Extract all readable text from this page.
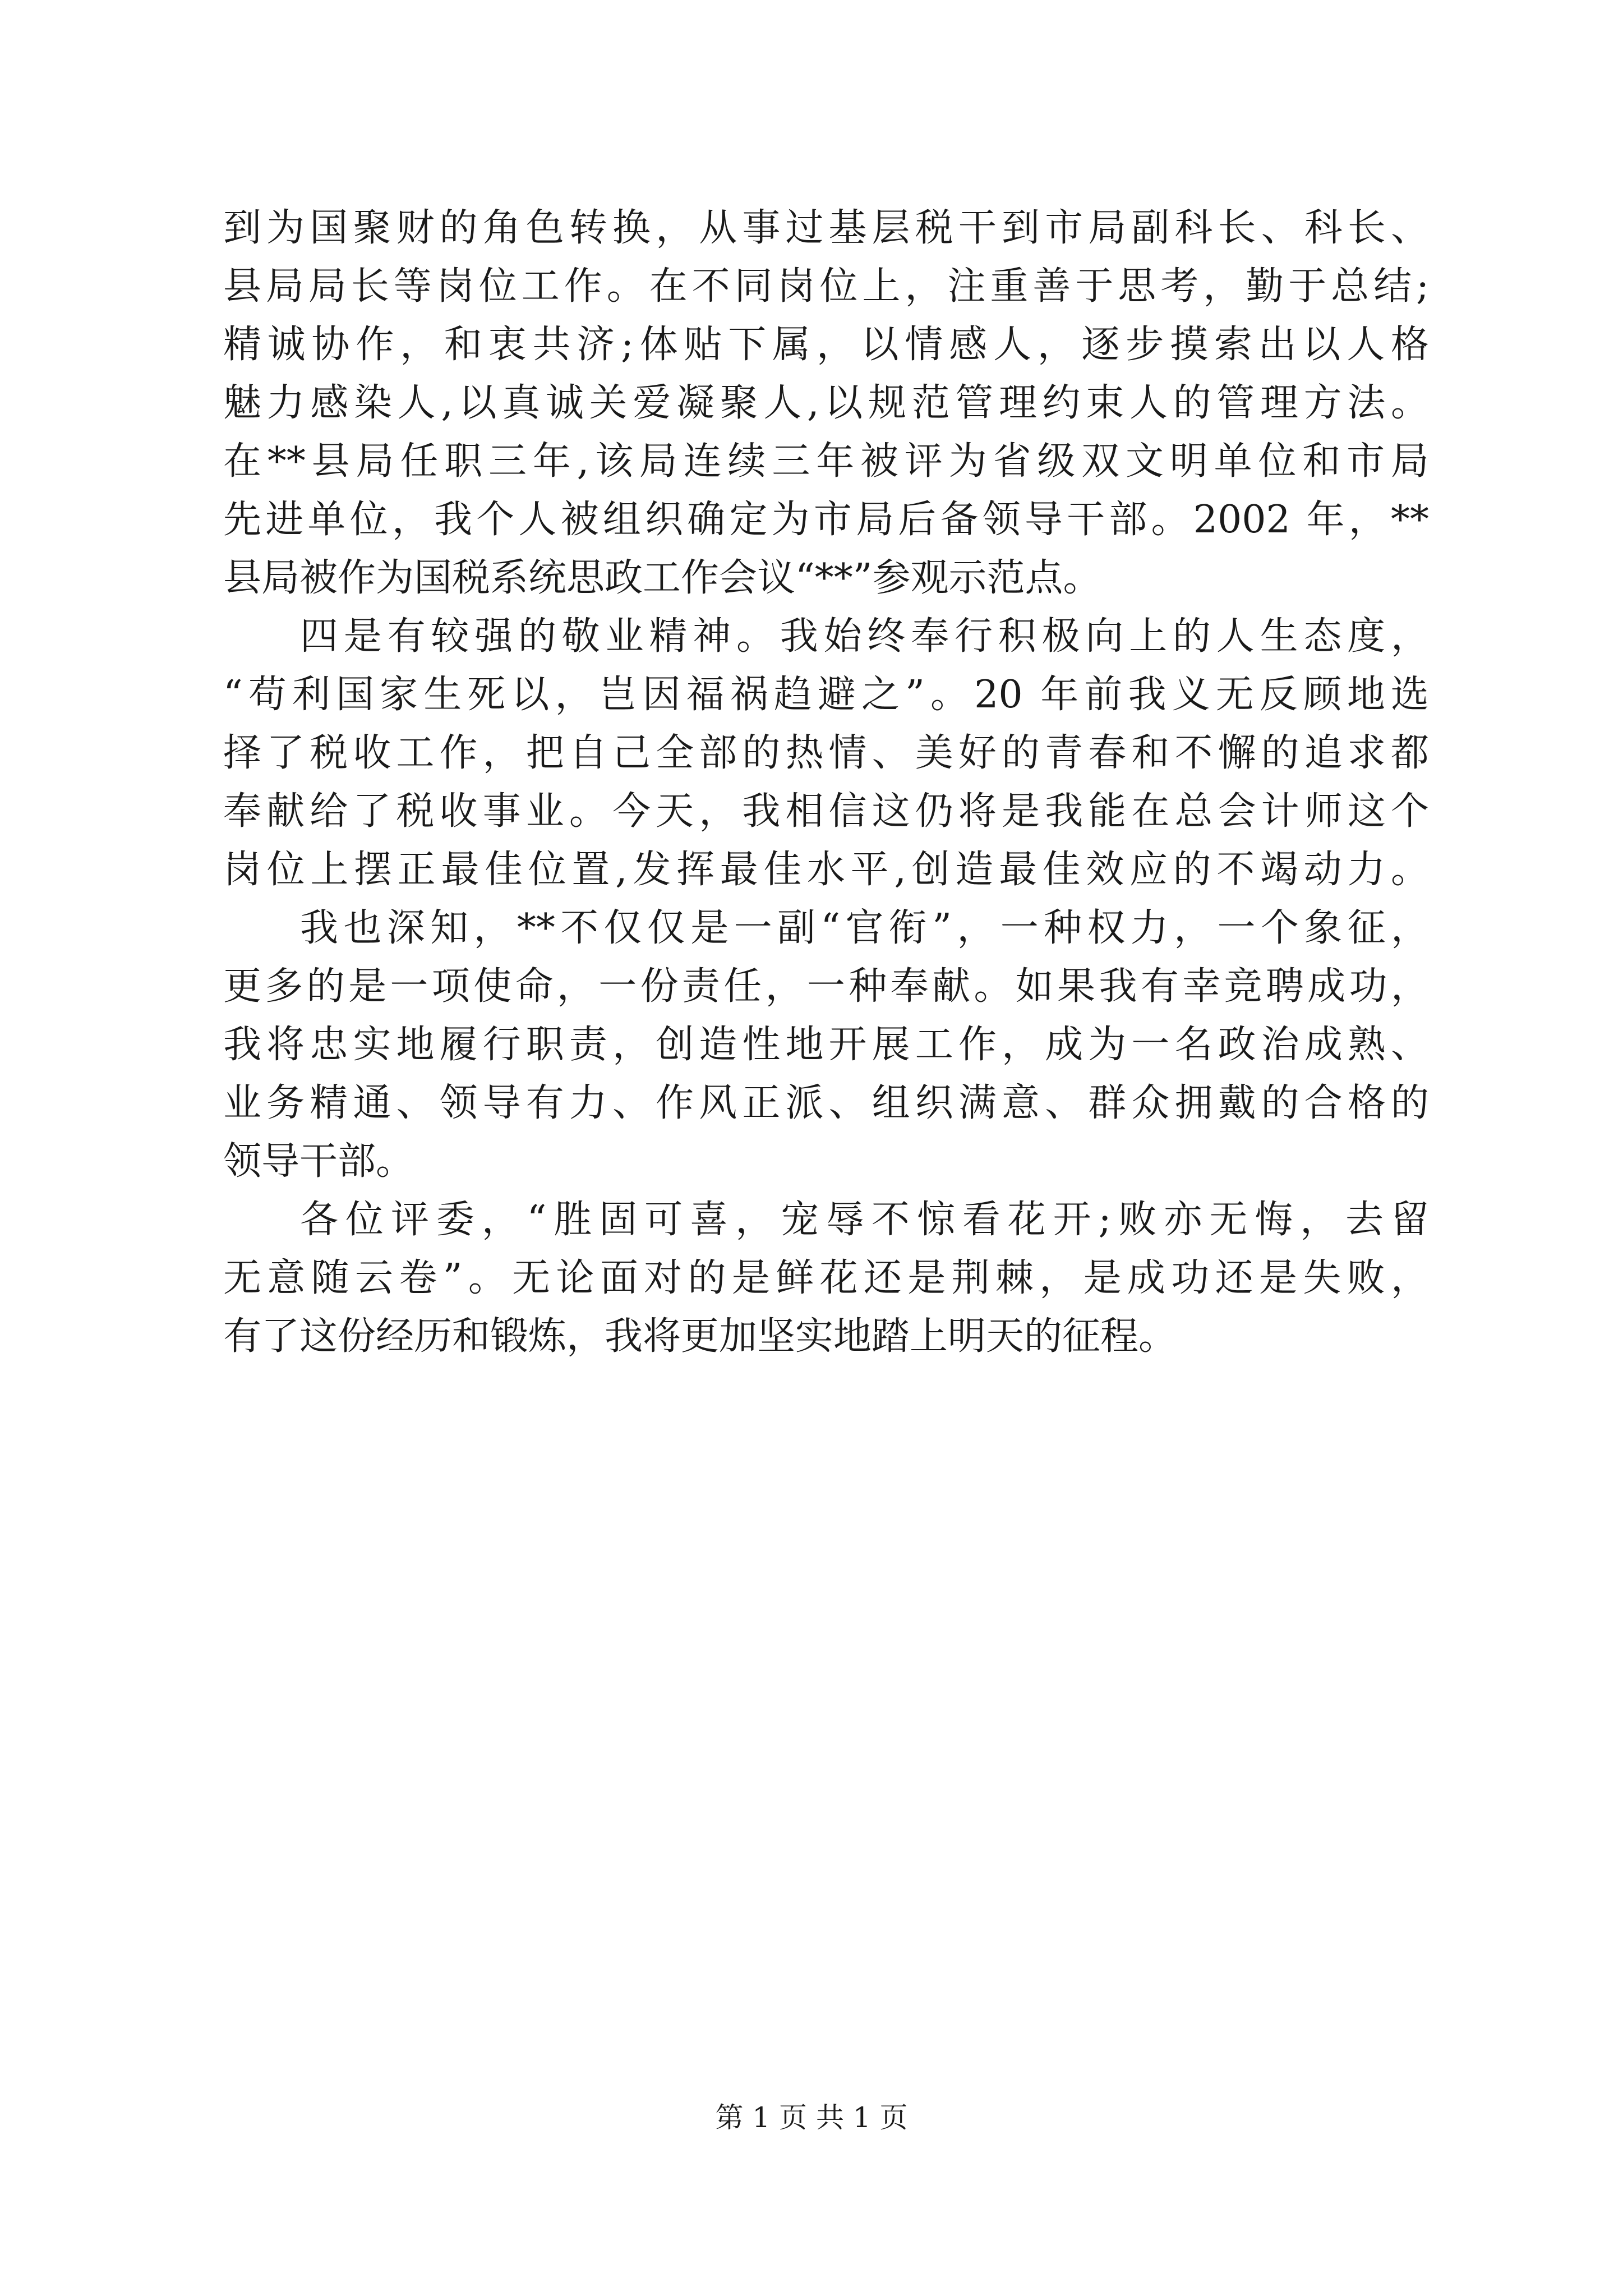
到为国聚财的角色转换，从事过基层税干到市局副科长、科长、
县局局长等岗位工作。在不同岗位上，注重善于思考，勤于总结;
精诚协作，和衷共济;体贴下属，以情感人，逐步摸索出以人格
魅力感染人,以真诚关爱凝聚人,以规范管理约束人的管理方法。
在**县局任职三年,该局连续三年被评为省级双文明单位和市局
先进单位，我个人被组织确定为市局后备领导干部。2002 年，**
县局被作为国税系统思政工作会议“**”参观示范点。
四是有较强的敬业精神。我始终奉行积极向上的人生态度，
“苟利国家生死以，岂因福祸趋避之”。20 年前我义无反顾地选
择了税收工作，把自己全部的热情、美好的青春和不懈的追求都
奉献给了税收事业。今天，我相信这仍将是我能在总会计师这个
岗位上摆正最佳位置,发挥最佳水平,创造最佳效应的不竭动力。
我也深知，**不仅仅是一副“官衔”，一种权力，一个象征，
更多的是一项使命，一份责任，一种奉献。如果我有幸竞聘成功，
我将忠实地履行职责，创造性地开展工作，成为一名政治成熟、
业务精通、领导有力、作风正派、组织满意、群众拥戴的合格的
领导干部。
各位评委，“胜固可喜，宠辱不惊看花开;败亦无悔，去留
无意随云卷”。无论面对的是鲜花还是荆棘，是成功还是失败，
有了这份经历和锻炼，我将更加坚实地踏上明天的征程。
第 1 页 共 1 页
